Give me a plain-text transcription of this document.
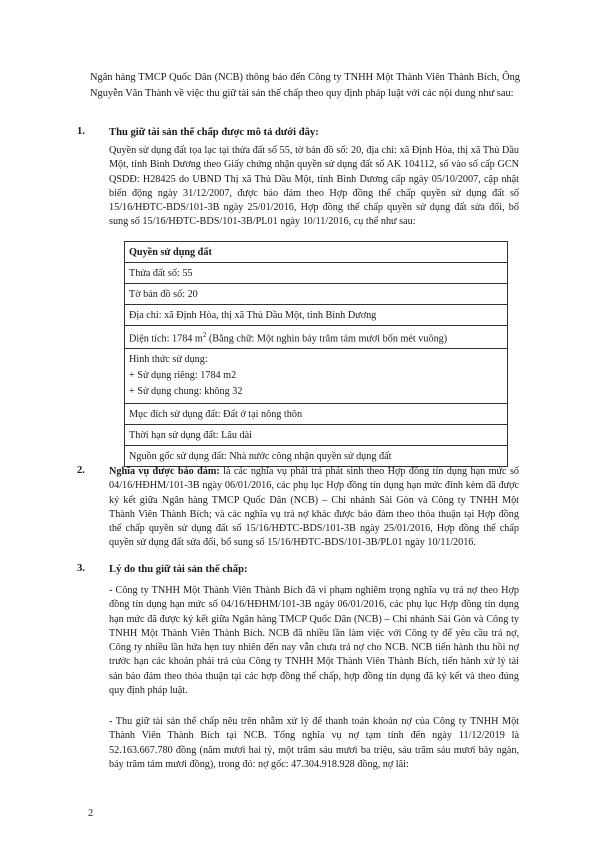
Ngân hàng TMCP Quốc Dân (NCB) thông báo đến Công ty TNHH Một Thành Viên Thành Bích, Ông Nguyễn Văn Thành về việc thu giữ tài sản thế chấp theo quy định pháp luật với các nội dung như sau:

1. Thu giữ tài sản thế chấp được mô tả dưới đây:

Quyền sử dụng đất tọa lạc tại thửa đất số 55, tờ bản đồ số: 20, địa chỉ: xã Định Hòa, thị xã Thủ Dầu Một, tỉnh Bình Dương theo Giấy chứng nhận quyền sử dụng đất số AK 104112, số vào số cấp GCN QSDĐ: H28425 do UBND Thị xã Thủ Dầu Một, tỉnh Bình Dương cấp ngày 05/10/2007, cập nhật biến động ngày 31/12/2007, được bảo đảm theo Hợp đồng thế chấp quyền sử dụng đất số 15/16/HĐTC-BDS/101-3B ngày 25/01/2016, Hợp đồng thế chấp quyền sử dụng đất sửa đổi, bổ sung số 15/16/HĐTC-BDS/101-3B/PL01 ngày 10/11/2016, cụ thể như sau:

Quyền sử dụng đất
Thửa đất số: 55
Tờ bản đồ số: 20
Địa chỉ: xã Định Hòa, thị xã Thủ Dầu Một, tỉnh Bình Dương
Diện tích: 1784 $m^2$ (Bằng chữ: Một nghìn bảy trăm tám mươi bốn mét vuông)

Hình thức sử dụng:
+ Sử dụng riêng: 1784 m2
+ Sử dụng chung: không 32

Mục đích sử dụng đất: Đất ở tại nông thôn
Thời hạn sử dụng đất: Lâu dài
Nguồn gốc sử dụng đất: Nhà nước công nhận quyền sử dụng đất
2. Nghĩa vụ được bảo đảm: là các nghĩa vụ phải trả phát sinh theo Hợp đồng tín dụng hạn mức số 04/16/HĐHM/101-3B ngày 06/01/2016, các phụ lục Hợp đồng tín dụng hạn mức đính kèm đã được ký kết giữa Ngân hàng TMCP Quốc Dân (NCB) – Chi nhánh Sài Gòn và Công ty TNHH Một Thành Viên Thành Bích; và các nghĩa vụ trả nợ khác được bảo đảm theo thỏa thuận tại Hợp đồng thế chấp quyền sử dụng đất số 15/16/HĐTC-BDS/101-3B ngày 25/01/2016, Hợp đồng thế chấp quyền sử dụng đất sửa đổi, bổ sung số 15/16/HĐTC-BDS/101-3B/PL01 ngày 10/11/2016.

3. Lý do thu giữ tài sản thế chấp:

- Công ty TNHH Một Thành Viên Thành Bích đã vi phạm nghiêm trọng nghĩa vụ trả nợ theo Hợp đồng tín dụng hạn mức số 04/16/HĐHM/101-3B ngày 06/01/2016, các phụ lục Hợp đồng tín dụng hạn mức đã được ký kết giữa Ngân hàng TMCP Quốc Dân (NCB) – Chi nhánh Sài Gòn và Công ty TNHH Một Thành Viên Thành Bích. NCB đã nhiều lần làm việc với Công ty để yêu cầu trả nợ, Công ty nhiều lần hứa hẹn tuy nhiên đến nay vẫn chưa trả nợ cho NCB. NCB tiến hành thu hồi nợ trước hạn các khoản phải trả của Công ty TNHH Một Thành Viên Thành Bích, tiến hành xử lý tài sản bảo đảm theo thỏa thuận tại các hợp đồng thế chấp, hợp đồng tín dụng đã ký kết và theo đúng quy định pháp luật.

- Thu giữ tài sản thế chấp nêu trên nhằm xử lý để thanh toán khoản nợ của Công ty TNHH Một Thành Viên Thành Bích tại NCB. Tổng nghĩa vụ nợ tạm tính đến ngày 11/12/2019 là 52.163.667.780 đồng (năm mươi hai tỷ, một trăm sáu mươi ba triệu, sáu trăm sáu mươi bảy ngàn, bảy trăm tám mươi đồng), trong đó: nợ gốc: 47.304.918.928 đồng, nợ lãi:

2
